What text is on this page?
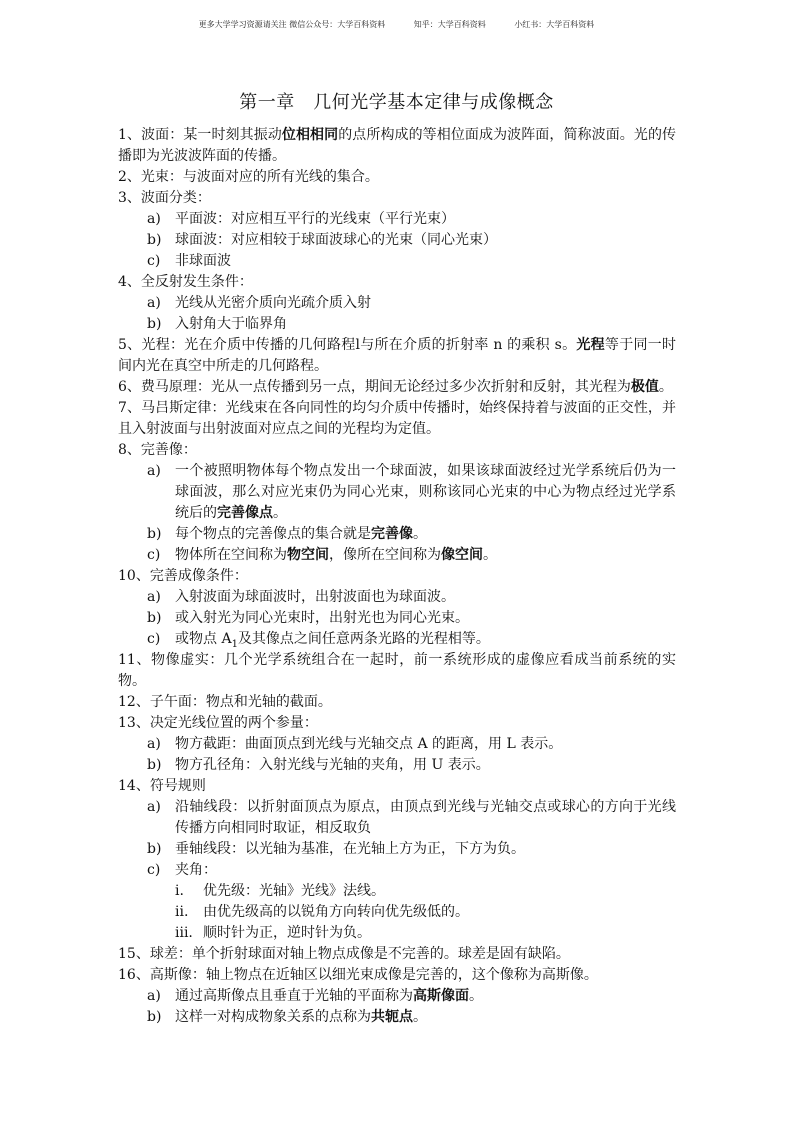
更多大学学习资源请关注 微信公众号：大学百科资料	知乎：大学百科资料	小红书：大学百科资料
第一章　几何光学基本定律与成像概念
1、波面：某一时刻其振动位相相同的点所构成的等相位面成为波阵面，简称波面。光的传播即为光波波阵面的传播。
2、光束：与波面对应的所有光线的集合。
3、波面分类：
a)	平面波：对应相互平行的光线束（平行光束）
b) 球面波：对应相较于球面波球心的光束（同心光束）
c)	非球面波
4、全反射发生条件：
a)	光线从光密介质向光疏介质入射
b) 入射角大于临界角
5、光程：光在介质中传播的几何路程l与所在介质的折射率 n 的乘积 s。光程等于同一时间内光在真空中所走的几何路程。
6、费马原理：光从一点传播到另一点，期间无论经过多少次折射和反射，其光程为极值。
7、马吕斯定律：光线束在各向同性的均匀介质中传播时，始终保持着与波面的正交性，并且入射波面与出射波面对应点之间的光程均为定值。
8、完善像：
a)	一个被照明物体每个物点发出一个球面波，如果该球面波经过光学系统后仍为一球面波，那么对应光束仍为同心光束，则称该同心光束的中心为物点经过光学系统后的完善像点。
b) 每个物点的完善像点的集合就是完善像。
c)	物体所在空间称为物空间，像所在空间称为像空间。
10、完善成像条件：
a)	入射波面为球面波时，出射波面也为球面波。
b) 或入射光为同心光束时，出射光也为同心光束。
c)	或物点 $A_1$及其像点之间任意两条光路的光程相等。
11、物像虚实：几个光学系统组合在一起时，前一系统形成的虚像应看成当前系统的实物。
12、子午面：物点和光轴的截面。
13、决定光线位置的两个参量：
a)	物方截距：曲面顶点到光线与光轴交点 A 的距离，用 L 表示。
b) 物方孔径角：入射光线与光轴的夹角，用 U 表示。
14、符号规则
a)	沿轴线段：以折射面顶点为原点，由顶点到光线与光轴交点或球心的方向于光线传播方向相同时取证，相反取负
b) 垂轴线段：以光轴为基准，在光轴上方为正，下方为负。
c)	夹角：
i.	优先级：光轴》光线》法线。
ii.	由优先级高的以锐角方向转向优先级低的。
iii. 顺时针为正，逆时针为负。
15、球差：单个折射球面对轴上物点成像是不完善的。球差是固有缺陷。
16、高斯像：轴上物点在近轴区以细光束成像是完善的，这个像称为高斯像。
a)	通过高斯像点且垂直于光轴的平面称为高斯像面。
b) 这样一对构成物象关系的点称为共轭点。
